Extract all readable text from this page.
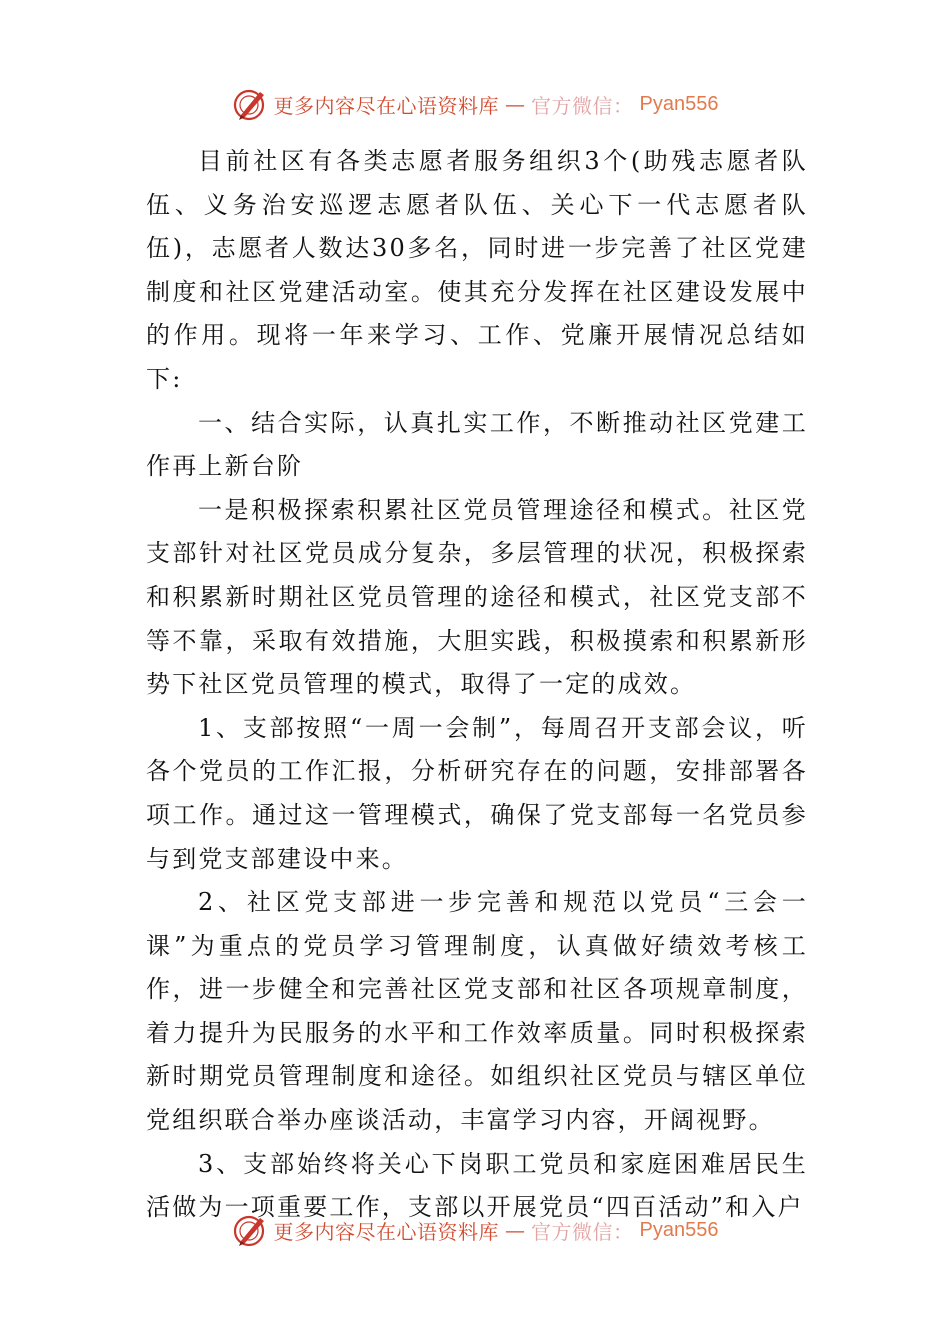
更多内容尽在心语资料库 — 官方微信： Pyan556

目前社区有各类志愿者服务组织3个(助残志愿者队伍、义务治安巡逻志愿者队伍、关心下一代志愿者队伍)，志愿者人数达30多名，同时进一步完善了社区党建制度和社区党建活动室。使其充分发挥在社区建设发展中的作用。现将一年来学习、工作、党廉开展情况总结如下:

一、结合实际，认真扎实工作，不断推动社区党建工作再上新台阶

一是积极探索积累社区党员管理途径和模式。社区党支部针对社区党员成分复杂，多层管理的状况，积极探索和积累新时期社区党员管理的途径和模式，社区党支部不等不靠，采取有效措施，大胆实践，积极摸索和积累新形势下社区党员管理的模式，取得了一定的成效。

1、支部按照“一周一会制”，每周召开支部会议，听各个党员的工作汇报，分析研究存在的问题，安排部署各项工作。通过这一管理模式，确保了党支部每一名党员参与到党支部建设中来。

2、社区党支部进一步完善和规范以党员“三会一课”为重点的党员学习管理制度，认真做好绩效考核工作，进一步健全和完善社区党支部和社区各项规章制度，着力提升为民服务的水平和工作效率质量。同时积极探索新时期党员管理制度和途径。如组织社区党员与辖区单位党组织联合举办座谈活动，丰富学习内容，开阔视野。

3、支部始终将关心下岗职工党员和家庭困难居民生活做为一项重要工作，支部以开展党员“四百活动”和入户

更多内容尽在心语资料库 — 官方微信： Pyan556
